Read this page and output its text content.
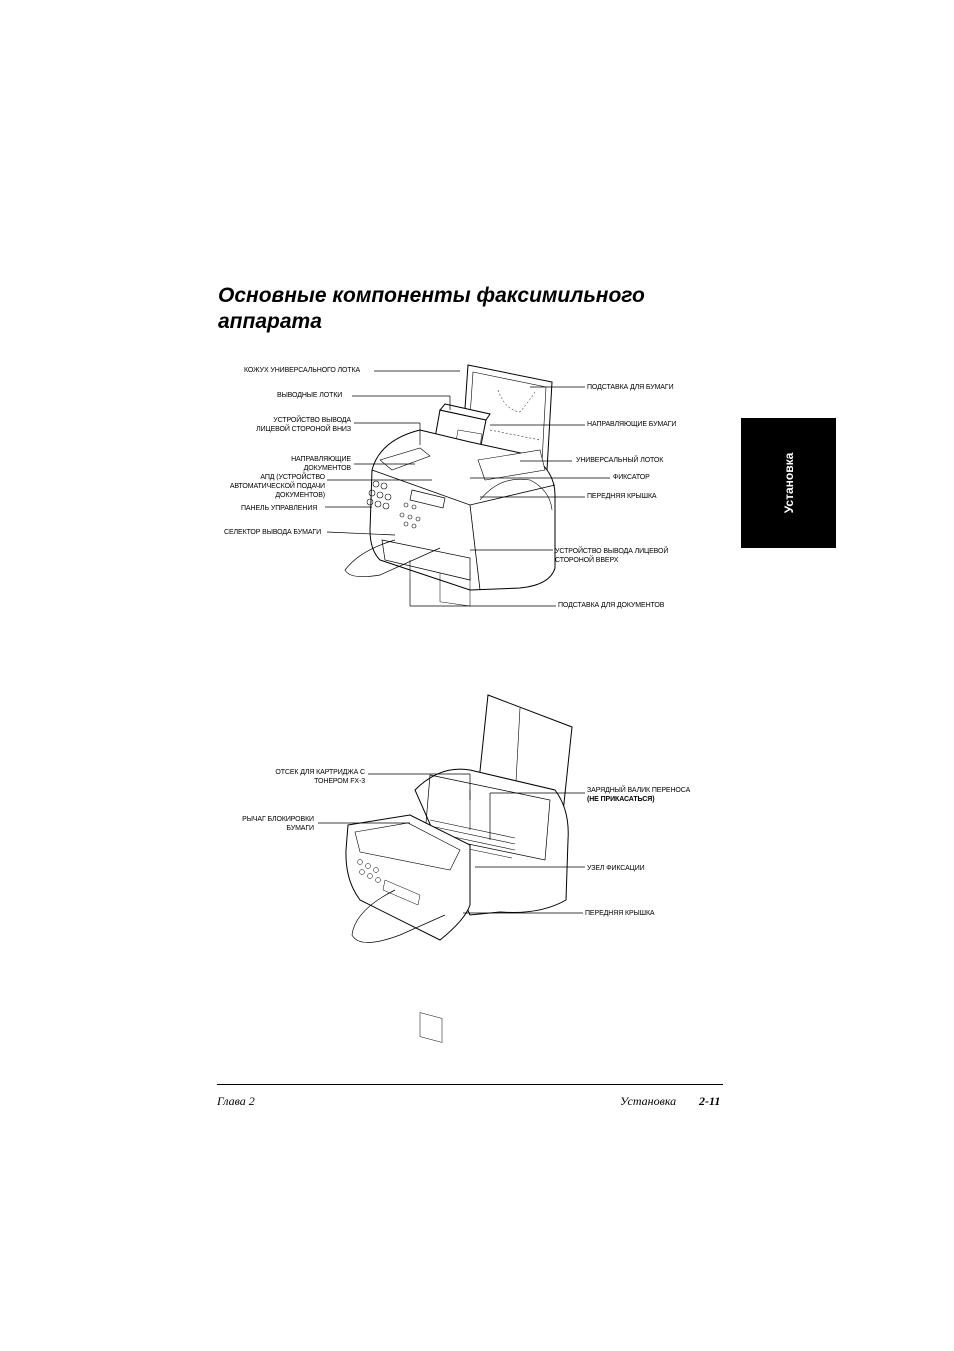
Основные компоненты факсимильного
аппарата
Установка
КОЖУХ УНИВЕРСАЛЬНОГО ЛОТКА
ВЫВОДНЫЕ ЛОТКИ
УСТРОЙСТВО ВЫВОДА
ЛИЦЕВОЙ СТОРОНОЙ ВНИЗ
НАПРАВЛЯЮЩИЕ
ДОКУМЕНТОВ
АПД (УСТРОЙСТВО
АВТОМАТИЧЕСКОЙ ПОДАЧИ
ДОКУМЕНТОВ)
ПАНЕЛЬ УПРАВЛЕНИЯ
СЕЛЕКТОР ВЫВОДА БУМАГИ
ПОДСТАВКА ДЛЯ БУМАГИ
НАПРАВЛЯЮЩИЕ БУМАГИ
УНИВЕРСАЛЬНЫЙ ЛОТОК
ФИКСАТОР
ПЕРЕДНЯЯ КРЫШКА
УСТРОЙСТВО ВЫВОДА ЛИЦЕВОЙ
СТОРОНОЙ ВВЕРХ
ПОДСТАВКА ДЛЯ ДОКУМЕНТОВ
ОТСЕК ДЛЯ КАРТРИДЖА С
ТОНЕРОМ FX-3
РЫЧАГ БЛОКИРОВКИ
БУМАГИ
ЗАРЯДНЫЙ ВАЛИК ПЕРЕНОСА
(НЕ ПРИКАСАТЬСЯ)
УЗЕЛ ФИКСАЦИИ
ПЕРЕДНЯЯ КРЫШКА
Глава 2	Установка 2-11
